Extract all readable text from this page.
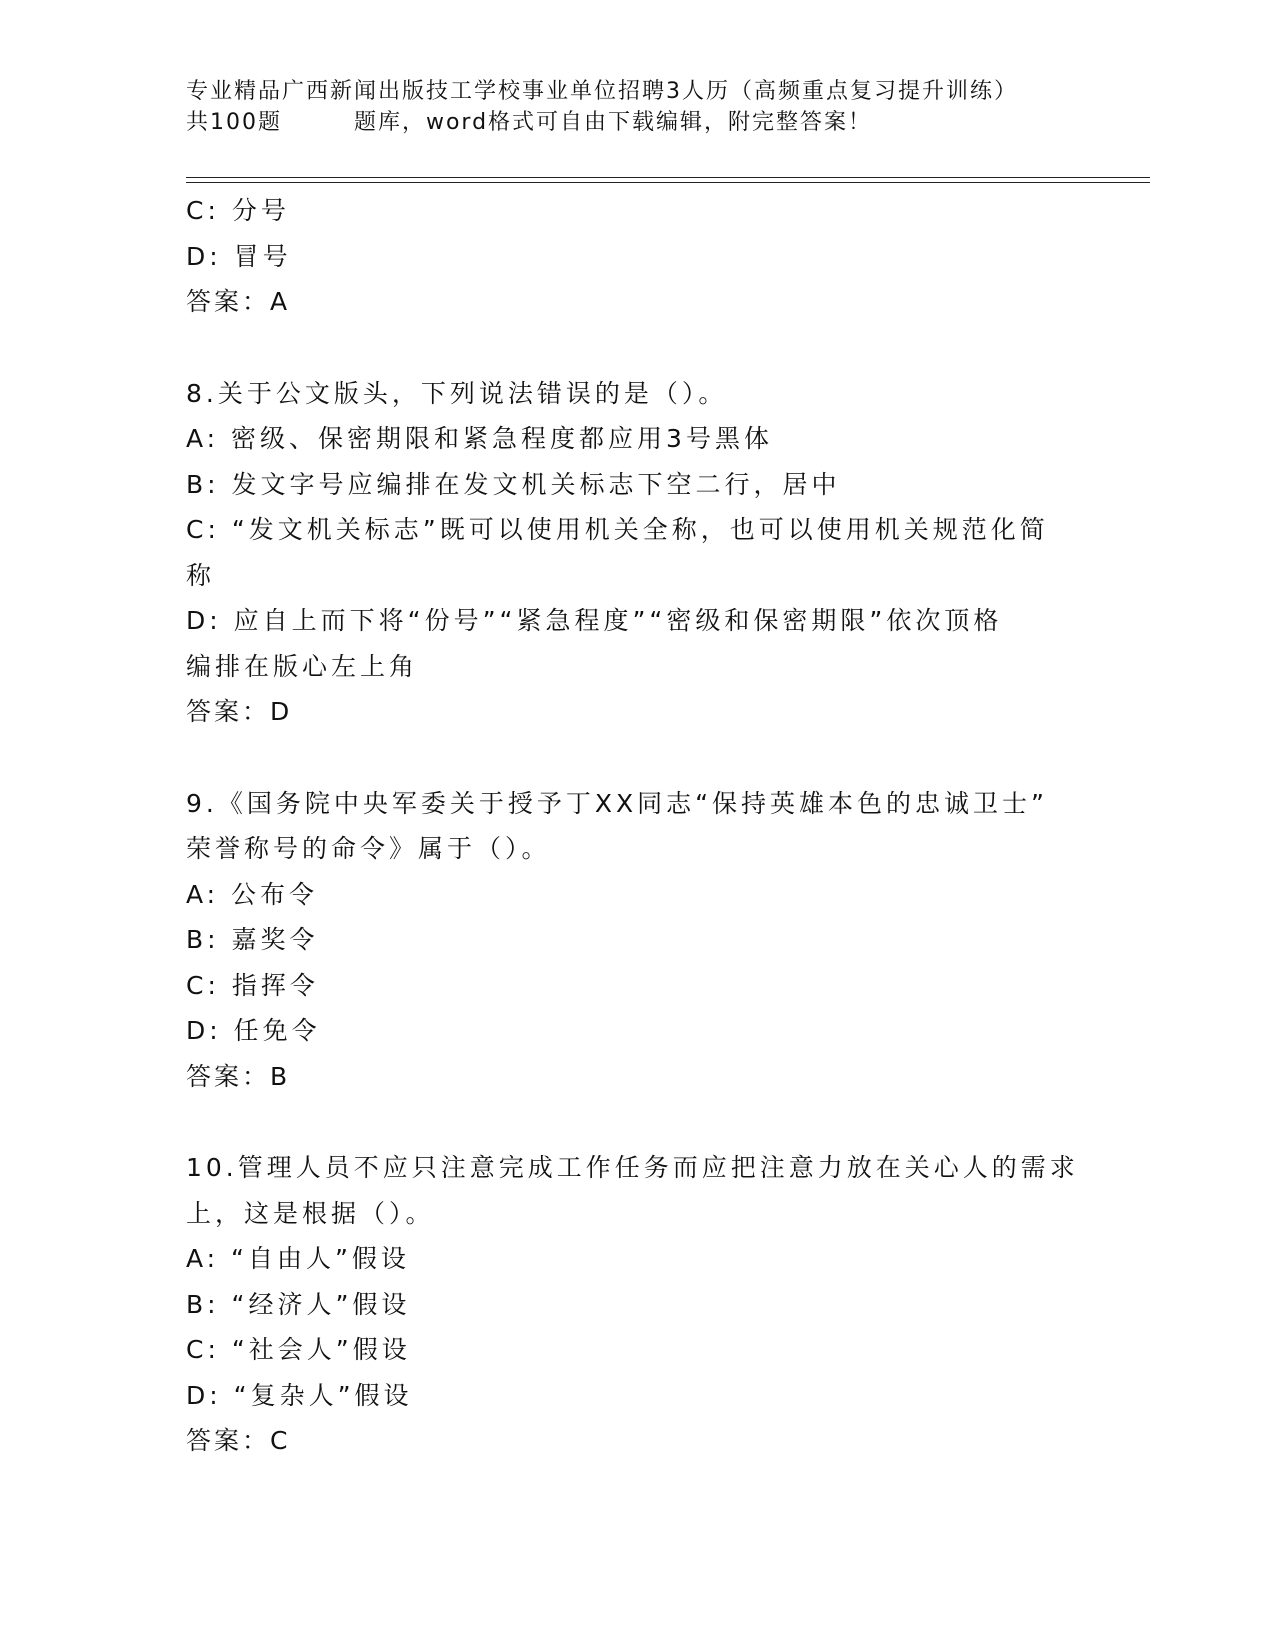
专业精品广西新闻出版技工学校事业单位招聘3人历（高频重点复习提升训练）
共100题	题库，word格式可自由下载编辑，附完整答案！
C: 分号
D: 冒号
答案：A
8.关于公文版头，下列说法错误的是（）。
A: 密级、保密期限和紧急程度都应用3号黑体
B: 发文字号应编排在发文机关标志下空二行，居中
C: “发文机关标志”既可以使用机关全称，也可以使用机关规范化简
称
D: 应自上而下将“份号”“紧急程度”“密级和保密期限”依次顶格
编排在版心左上角
答案：D
9.《国务院中央军委关于授予丁XX同志“保持英雄本色的忠诚卫士”
荣誉称号的命令》属于（）。
A: 公布令
B: 嘉奖令
C: 指挥令
D: 任免令
答案：B
10.管理人员不应只注意完成工作任务而应把注意力放在关心人的需求
上，这是根据（）。
A: “自由人”假设
B: “经济人”假设
C: “社会人”假设
D: “复杂人”假设
答案：C
